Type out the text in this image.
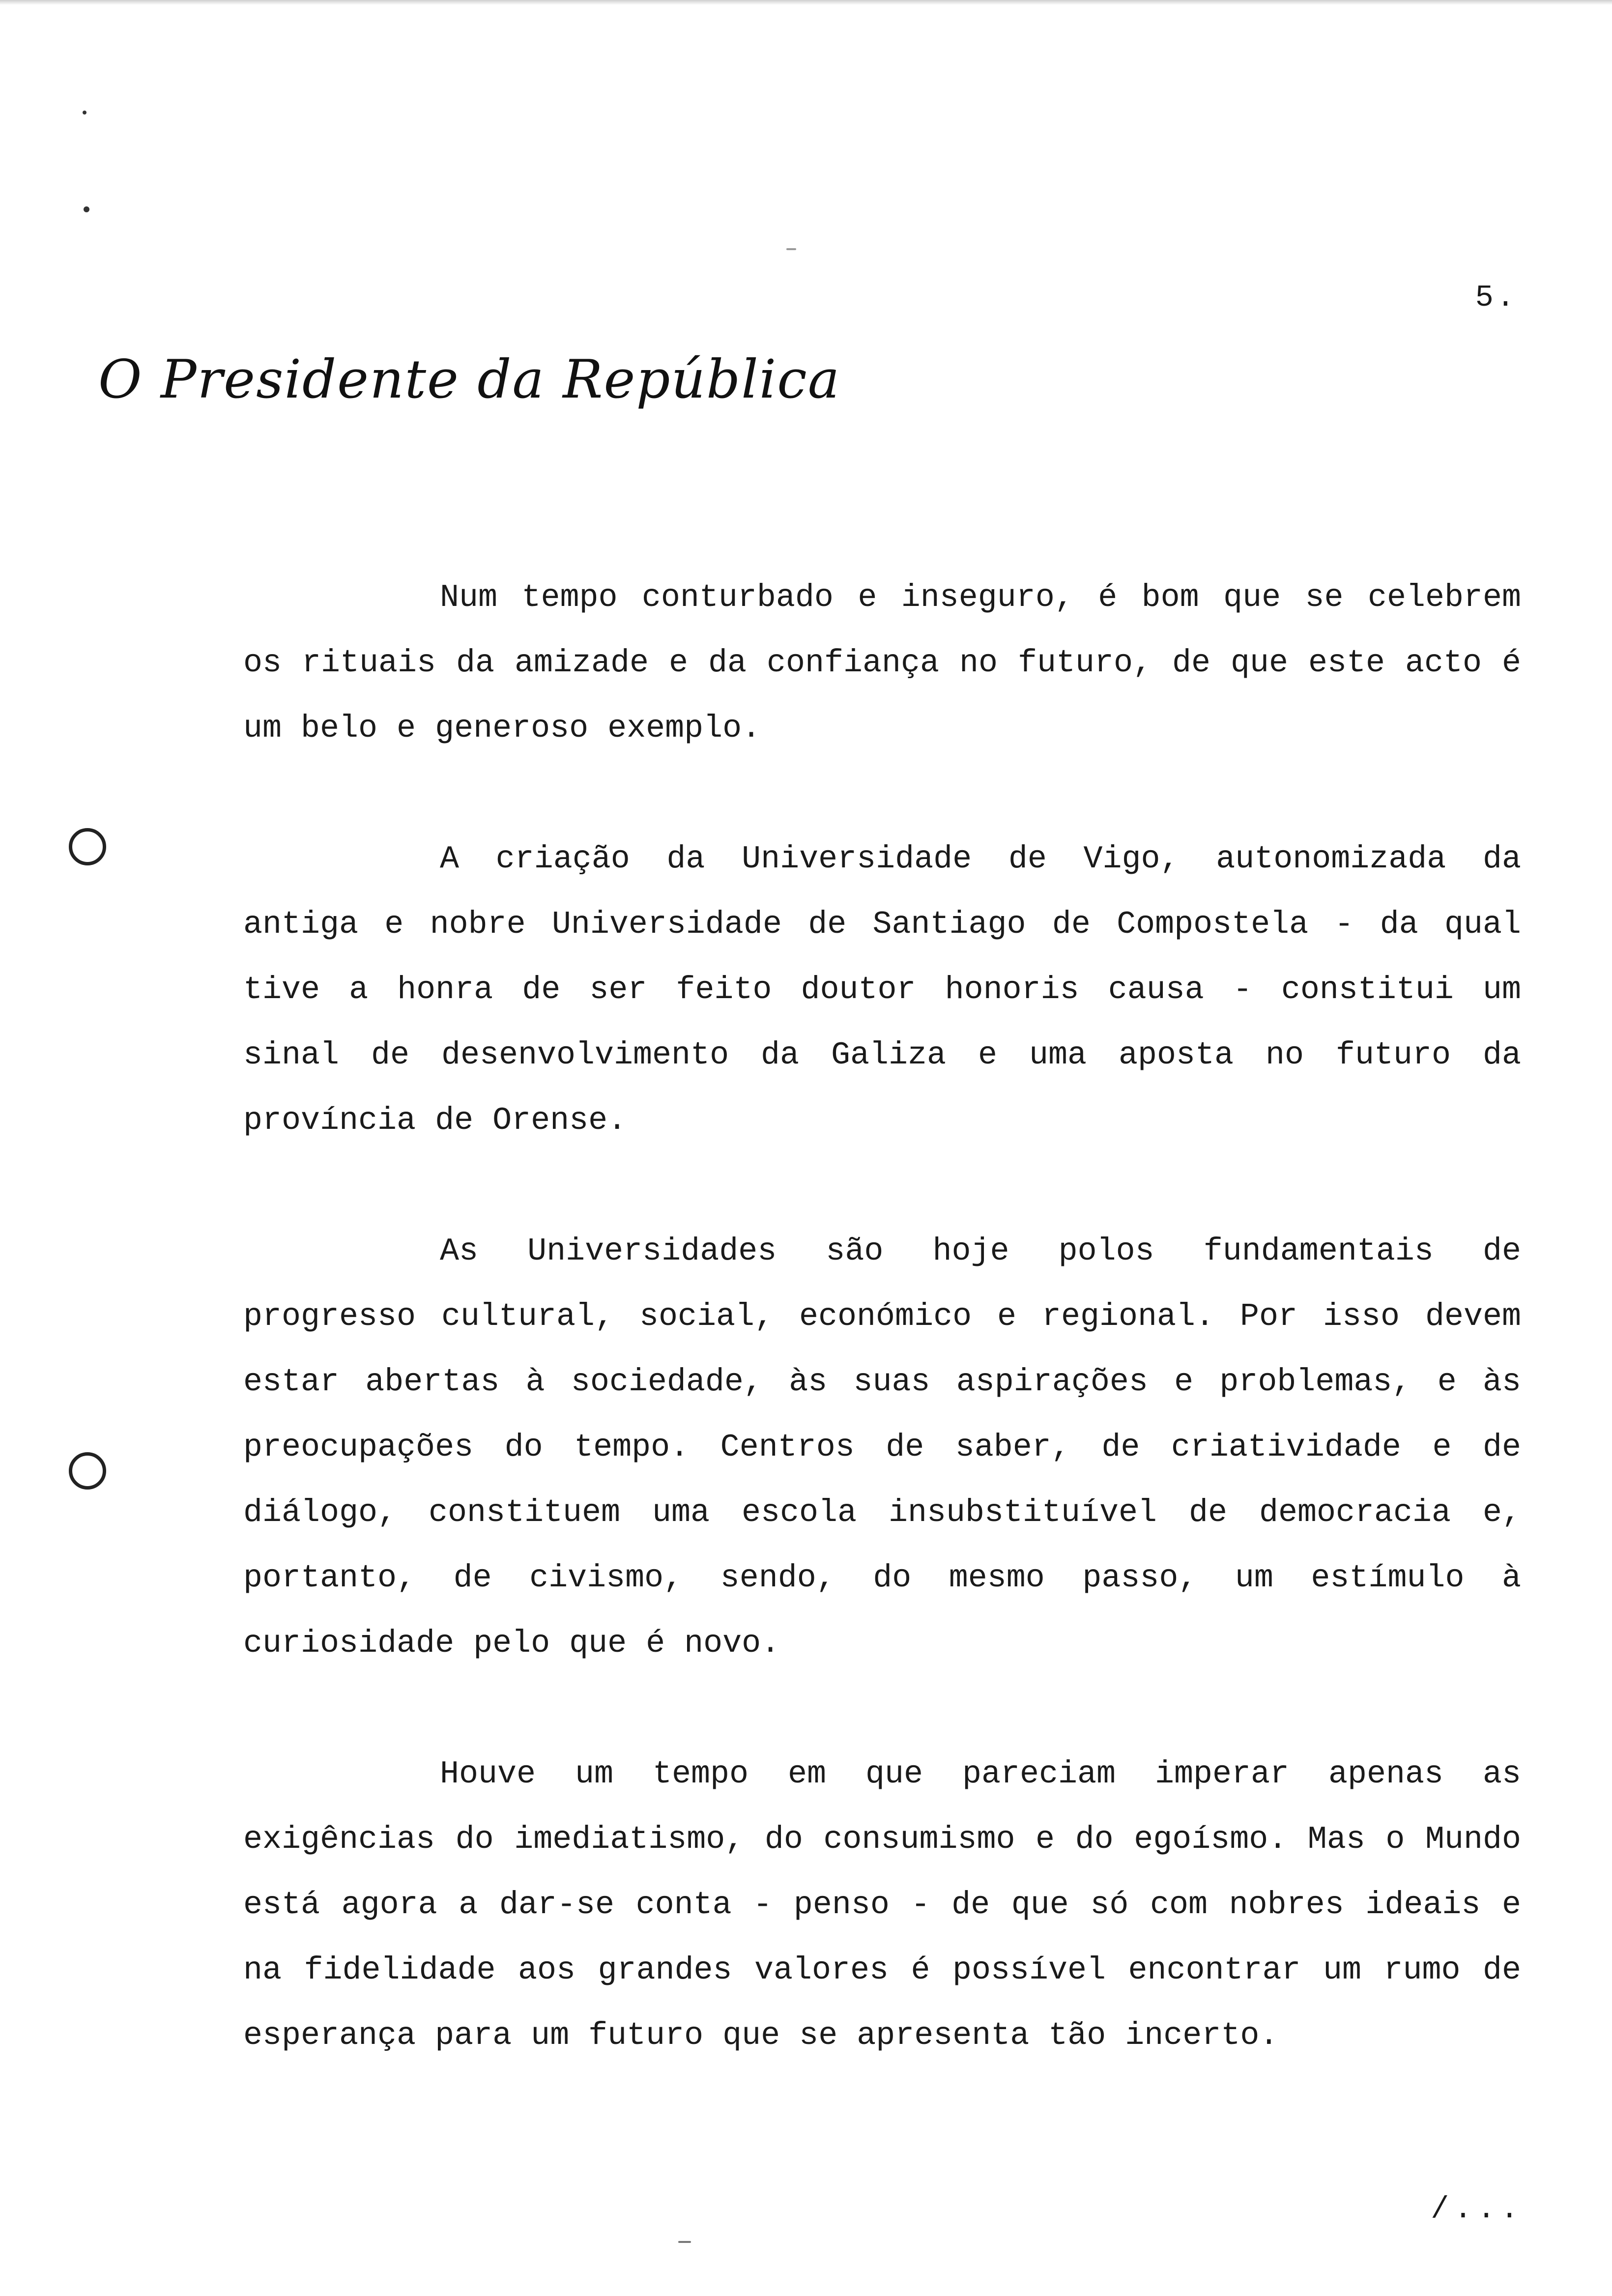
5.
O Presidente da República

Num tempo conturbado e inseguro, é bom que se celebrem os rituais da amizade e da confiança no futuro, de que este acto é um belo e generoso exemplo.

A criação da Universidade de Vigo, autonomizada da antiga e nobre Universidade de Santiago de Compostela - da qual tive a honra de ser feito doutor honoris causa - constitui um sinal de desenvolvimento da Galiza e uma aposta no futuro da província de Orense.

As Universidades são hoje polos fundamentais de progresso cultural, social, económico e regional. Por isso devem estar abertas à sociedade, às suas aspirações e problemas, e às preocupações do tempo. Centros de saber, de criatividade e de diálogo, constituem uma escola insubstituível de democracia e, portanto, de civismo, sendo, do mesmo passo, um estímulo à curiosidade pelo que é novo.

Houve um tempo em que pareciam imperar apenas as exigências do imediatismo, do consumismo e do egoísmo. Mas o Mundo está agora a dar-se conta - penso - de que só com nobres ideais e na fidelidade aos grandes valores é possível encontrar um rumo de esperança para um futuro que se apresenta tão incerto.

/...
